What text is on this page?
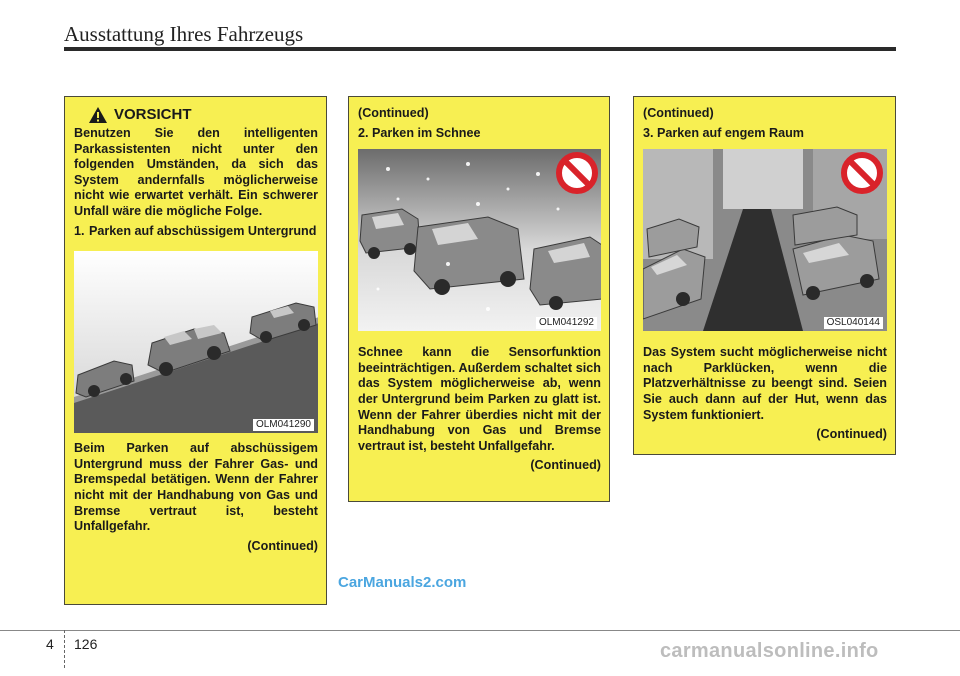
Ausstattung Ihres Fahrzeugs
VORSICHT

Benutzen Sie den intelligenten Parkassistenten nicht unter den folgenden Umständen, da sich das System andernfalls möglicherweise nicht wie erwartet verhält. Ein schwerer Unfall wäre die mögliche Folge.

1. Parken auf abschüssigem Untergrund
OLM041290

Beim Parken auf abschüssigem Untergrund muss der Fahrer Gas- und Bremspedal betätigen. Wenn der Fahrer nicht mit der Handhabung von Gas und Bremse vertraut ist, besteht Unfallgefahr.

(Continued)

(Continued)

2. Parken im Schnee

OLM041292

Schnee kann die Sensorfunktion beeinträchtigen. Außerdem schaltet sich das System möglicherweise ab, wenn der Untergrund beim Parken zu glatt ist. Wenn der Fahrer überdies nicht mit der Handhabung von Gas und Bremse vertraut ist, besteht Unfallgefahr.

(Continued)

(Continued)

3. Parken auf engem Raum

OSL040144

Das System sucht möglicherweise nicht nach Parklücken, wenn die Platzverhältnisse zu beengt sind. Seien Sie auch dann auf der Hut, wenn das System funktioniert.

(Continued)
CarManuals2.com
4 126	carmanualsonline.info
